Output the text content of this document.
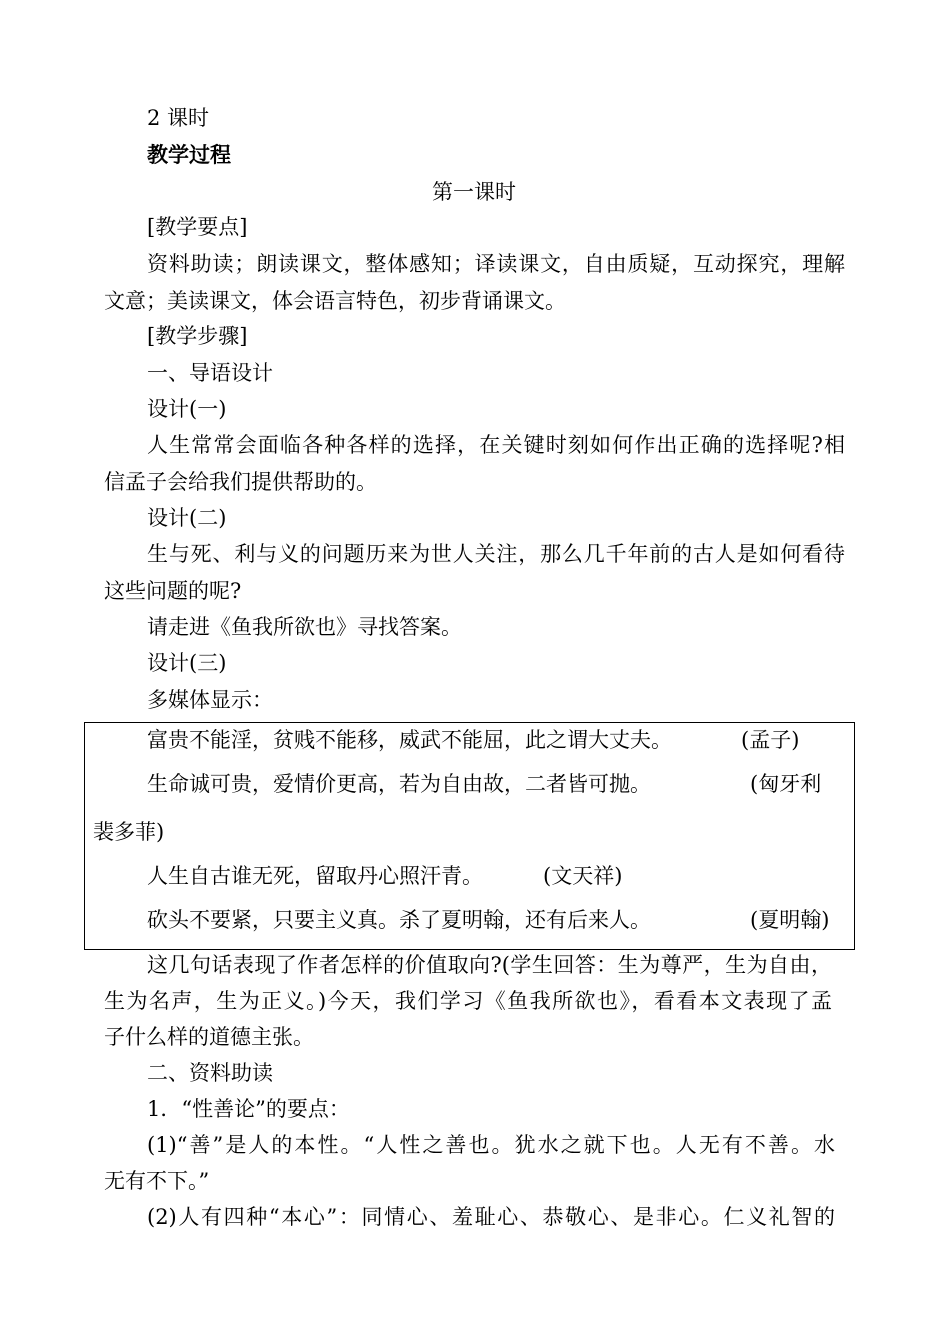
2 课时
教学过程
第一课时
[教学要点]
资料助读；朗读课文，整体感知；译读课文，自由质疑，互动探究，理解
文意；美读课文，体会语言特色，初步背诵课文。
[教学步骤]
一、导语设计
设计(一)
人生常常会面临各种各样的选择，在关键时刻如何作出正确的选择呢?相
信孟子会给我们提供帮助的。
设计(二)
生与死、利与义的问题历来为世人关注，那么几千年前的古人是如何看待
这些问题的呢?
请走进《鱼我所欲也》寻找答案。
设计(三)
多媒体显示：
富贵不能淫，贫贱不能移，威武不能屈，此之谓大丈夫。	(孟子)
生命诚可贵，爱情价更高，若为自由故，二者皆可抛。	(匈牙利
裴多菲)
人生自古谁无死，留取丹心照汗青。	(文天祥)
砍头不要紧，只要主义真。杀了夏明翰，还有后来人。	(夏明翰)
这几句话表现了作者怎样的价值取向?(学生回答：生为尊严，生为自由，
生为名声，生为正义。)今天，我们学习《鱼我所欲也》，看看本文表现了孟
子什么样的道德主张。
二、资料助读
1．“性善论”的要点：
(1)“善”是人的本性。“人性之善也。犹水之就下也。人无有不善。水
无有不下。”
(2)人有四种“本心”：同情心、羞耻心、恭敬心、是非心。仁义礼智的
